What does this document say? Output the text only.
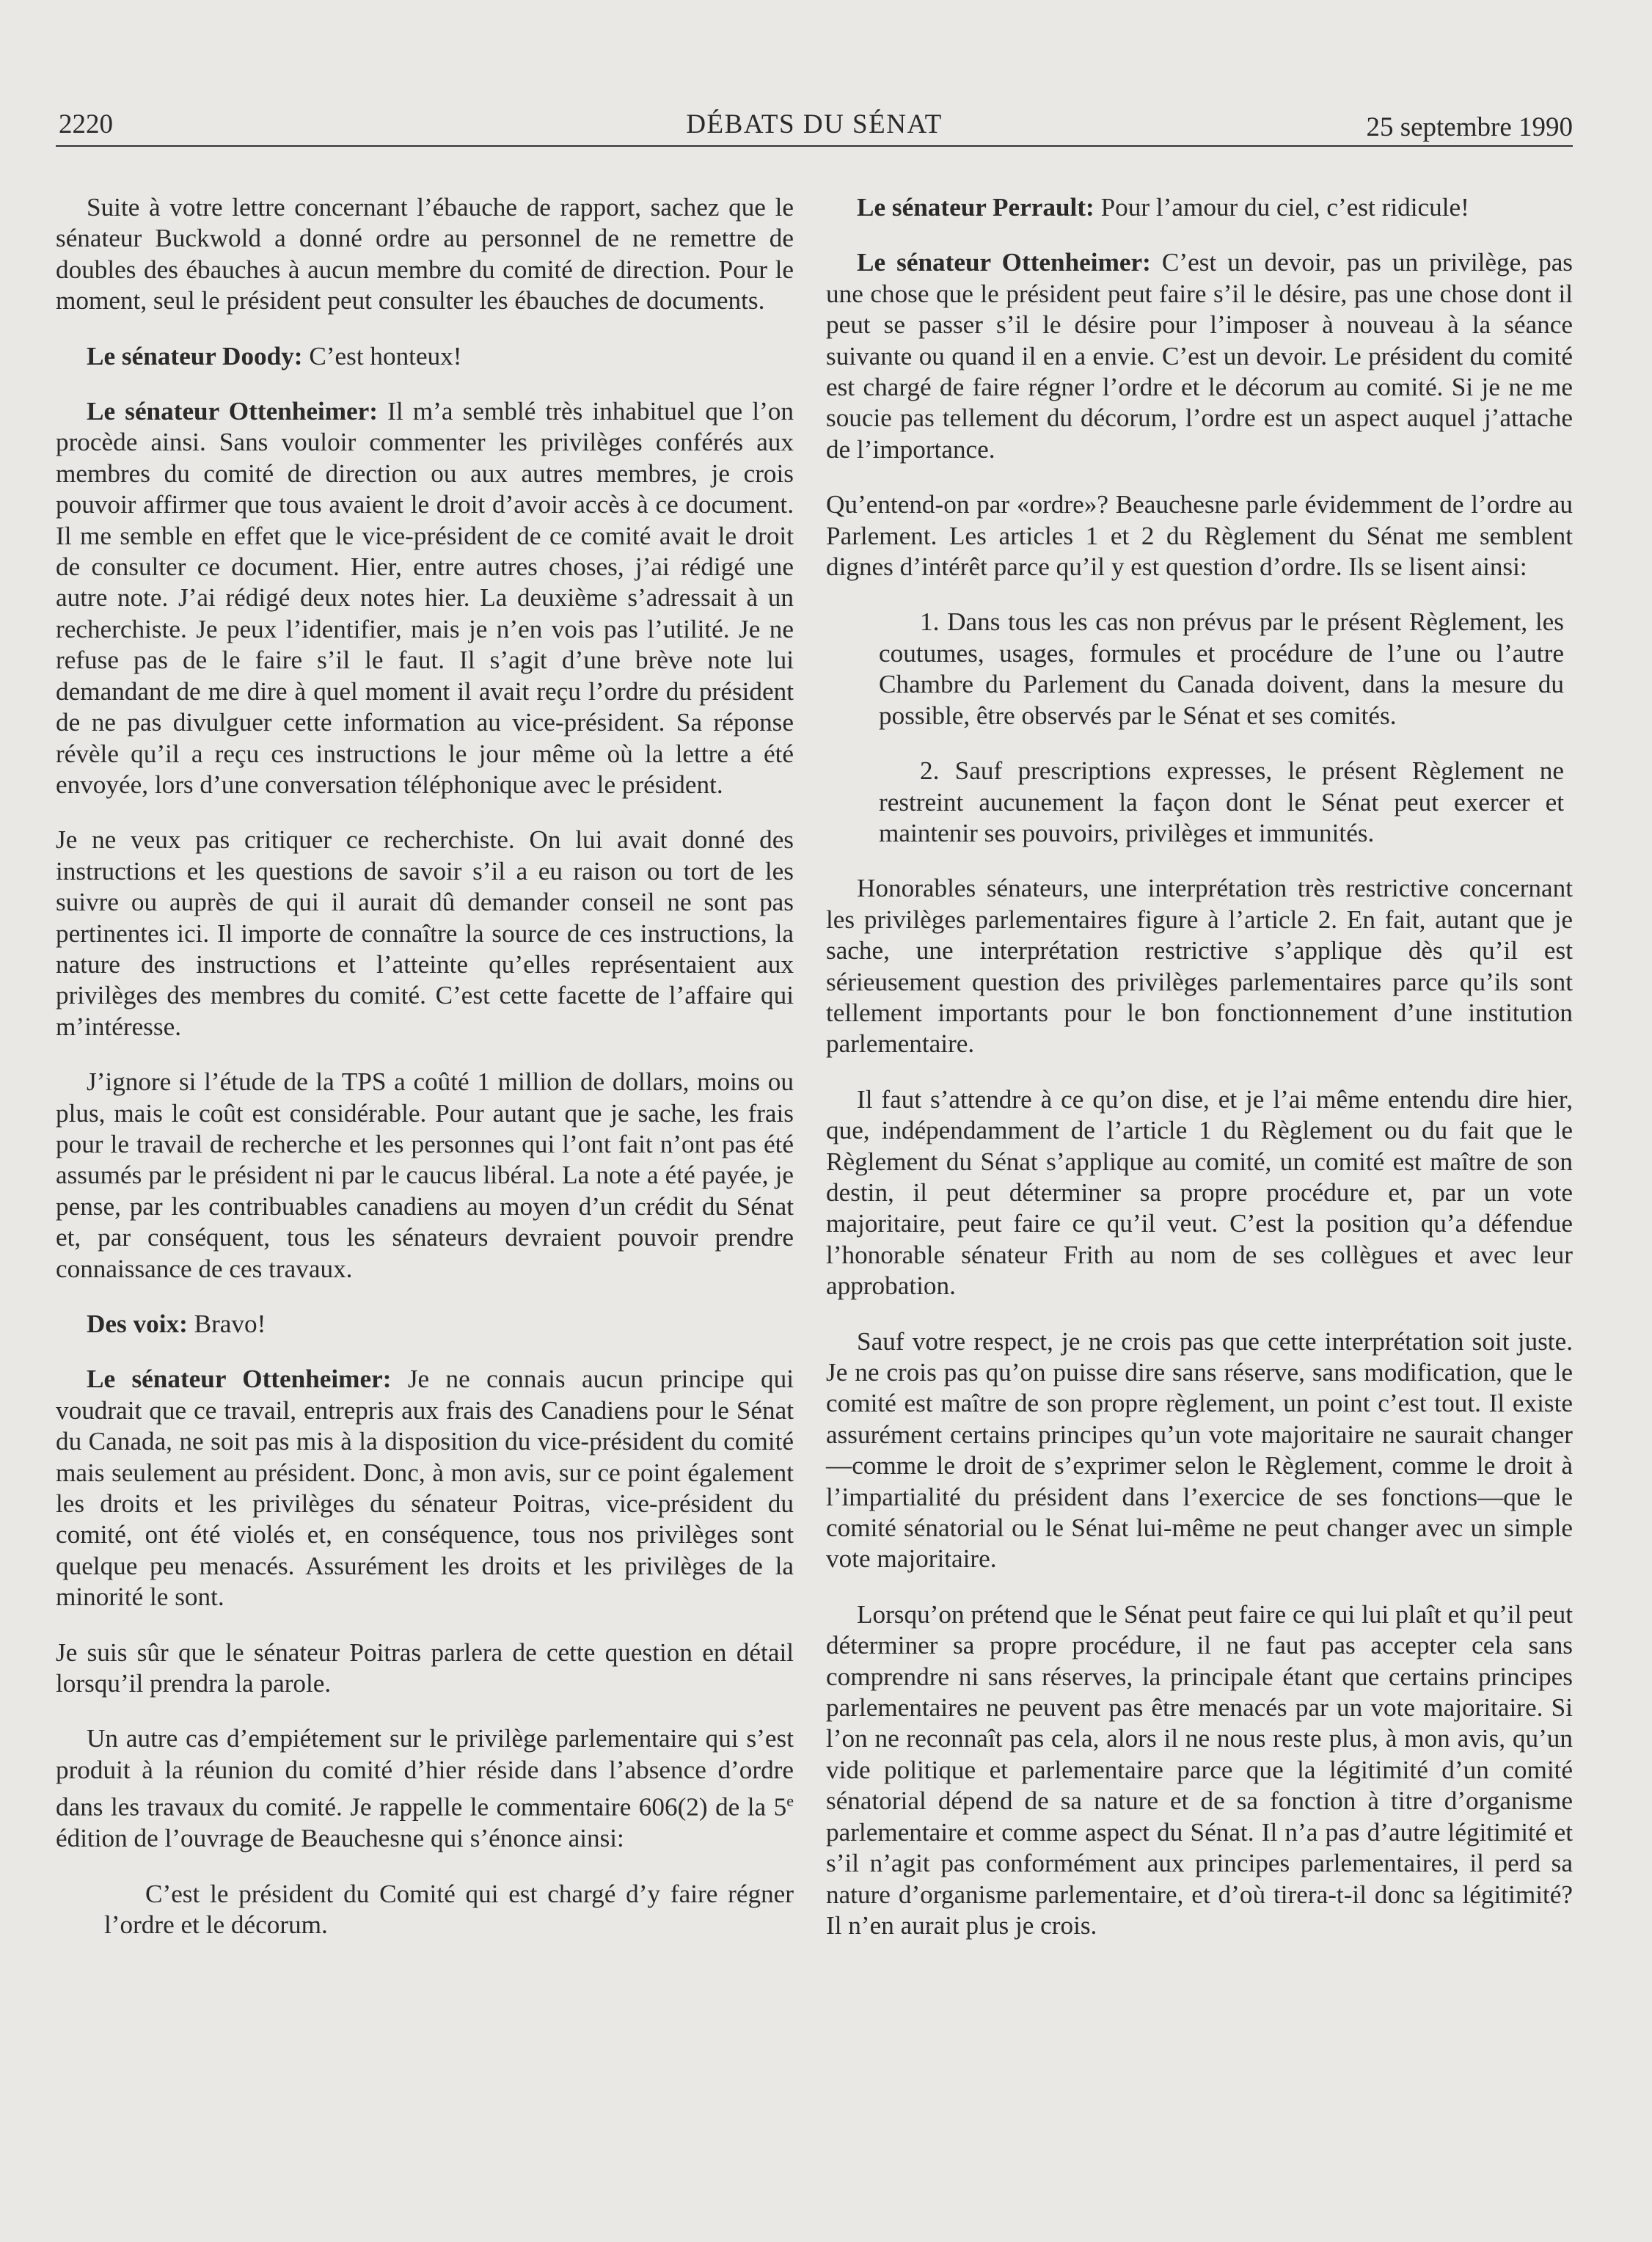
2220	DÉBATS DU SÉNAT	25 septembre 1990

Suite à votre lettre concernant l’ébauche de rapport, sachez que le sénateur Buckwold a donné ordre au personnel de ne remettre de doubles des ébauches à aucun membre du comité de direction. Pour le moment, seul le président peut consulter les ébauches de documents.

Le sénateur Doody: C’est honteux!

Le sénateur Ottenheimer: Il m’a semblé très inhabituel que l’on procède ainsi. Sans vouloir commenter les privilèges conférés aux membres du comité de direction ou aux autres membres, je crois pouvoir affirmer que tous avaient le droit d’avoir accès à ce document. Il me semble en effet que le vice-président de ce comité avait le droit de consulter ce document. Hier, entre autres choses, j’ai rédigé une autre note. J’ai rédigé deux notes hier. La deuxième s’adressait à un recherchiste. Je peux l’identifier, mais je n’en vois pas l’utilité. Je ne refuse pas de le faire s’il le faut. Il s’agit d’une brève note lui demandant de me dire à quel moment il avait reçu l’ordre du président de ne pas divulguer cette information au vice-président. Sa réponse révèle qu’il a reçu ces instructions le jour même où la lettre a été envoyée, lors d’une conversation téléphonique avec le président.

Je ne veux pas critiquer ce recherchiste. On lui avait donné des instructions et les questions de savoir s’il a eu raison ou tort de les suivre ou auprès de qui il aurait dû demander conseil ne sont pas pertinentes ici. Il importe de connaître la source de ces instructions, la nature des instructions et l’atteinte qu’elles représentaient aux privilèges des membres du comité. C’est cette facette de l’affaire qui m’intéresse.

J’ignore si l’étude de la TPS a coûté 1 million de dollars, moins ou plus, mais le coût est considérable. Pour autant que je sache, les frais pour le travail de recherche et les personnes qui l’ont fait n’ont pas été assumés par le président ni par le caucus libéral. La note a été payée, je pense, par les contribuables canadiens au moyen d’un crédit du Sénat et, par conséquent, tous les sénateurs devraient pouvoir prendre connaissance de ces travaux.

Des voix: Bravo!

Le sénateur Ottenheimer: Je ne connais aucun principe qui voudrait que ce travail, entrepris aux frais des Canadiens pour le Sénat du Canada, ne soit pas mis à la disposition du vice-président du comité mais seulement au président. Donc, à mon avis, sur ce point également les droits et les privilèges du sénateur Poitras, vice-président du comité, ont été violés et, en conséquence, tous nos privilèges sont quelque peu menacés. Assurément les droits et les privilèges de la minorité le sont.

Je suis sûr que le sénateur Poitras parlera de cette question en détail lorsqu’il prendra la parole.

Un autre cas d’empiétement sur le privilège parlementaire qui s’est produit à la réunion du comité d’hier réside dans l’absence d’ordre dans les travaux du comité. Je rappelle le commentaire 606(2) de la 5e édition de l’ouvrage de Beauchesne qui s’énonce ainsi:

C’est le président du Comité qui est chargé d’y faire régner l’ordre et le décorum.

Le sénateur Perrault: Pour l’amour du ciel, c’est ridicule!

Le sénateur Ottenheimer: C’est un devoir, pas un privilège, pas une chose que le président peut faire s’il le désire, pas une chose dont il peut se passer s’il le désire pour l’imposer à nouveau à la séance suivante ou quand il en a envie. C’est un devoir. Le président du comité est chargé de faire régner l’ordre et le décorum au comité. Si je ne me soucie pas tellement du décorum, l’ordre est un aspect auquel j’attache de l’importance.

Qu’entend-on par «ordre»? Beauchesne parle évidemment de l’ordre au Parlement. Les articles 1 et 2 du Règlement du Sénat me semblent dignes d’intérêt parce qu’il y est question d’ordre. Ils se lisent ainsi:

1. Dans tous les cas non prévus par le présent Règlement, les coutumes, usages, formules et procédure de l’une ou l’autre Chambre du Parlement du Canada doivent, dans la mesure du possible, être observés par le Sénat et ses comités.

2. Sauf prescriptions expresses, le présent Règlement ne restreint aucunement la façon dont le Sénat peut exercer et maintenir ses pouvoirs, privilèges et immunités.

Honorables sénateurs, une interprétation très restrictive concernant les privilèges parlementaires figure à l’article 2. En fait, autant que je sache, une interprétation restrictive s’applique dès qu’il est sérieusement question des privilèges parlementaires parce qu’ils sont tellement importants pour le bon fonctionnement d’une institution parlementaire.

Il faut s’attendre à ce qu’on dise, et je l’ai même entendu dire hier, que, indépendamment de l’article 1 du Règlement ou du fait que le Règlement du Sénat s’applique au comité, un comité est maître de son destin, il peut déterminer sa propre procédure et, par un vote majoritaire, peut faire ce qu’il veut. C’est la position qu’a défendue l’honorable sénateur Frith au nom de ses collègues et avec leur approbation.

Sauf votre respect, je ne crois pas que cette interprétation soit juste. Je ne crois pas qu’on puisse dire sans réserve, sans modification, que le comité est maître de son propre règlement, un point c’est tout. Il existe assurément certains principes qu’un vote majoritaire ne saurait changer—comme le droit de s’exprimer selon le Règlement, comme le droit à l’impartialité du président dans l’exercice de ses fonctions—que le comité sénatorial ou le Sénat lui-même ne peut changer avec un simple vote majoritaire.

Lorsqu’on prétend que le Sénat peut faire ce qui lui plaît et qu’il peut déterminer sa propre procédure, il ne faut pas accepter cela sans comprendre ni sans réserves, la principale étant que certains principes parlementaires ne peuvent pas être menacés par un vote majoritaire. Si l’on ne reconnaît pas cela, alors il ne nous reste plus, à mon avis, qu’un vide politique et parlementaire parce que la légitimité d’un comité sénatorial dépend de sa nature et de sa fonction à titre d’organisme parlementaire et comme aspect du Sénat. Il n’a pas d’autre légitimité et s’il n’agit pas conformément aux principes parlementaires, il perd sa nature d’organisme parlementaire, et d’où tirera-t-il donc sa légitimité? Il n’en aurait plus je crois.
